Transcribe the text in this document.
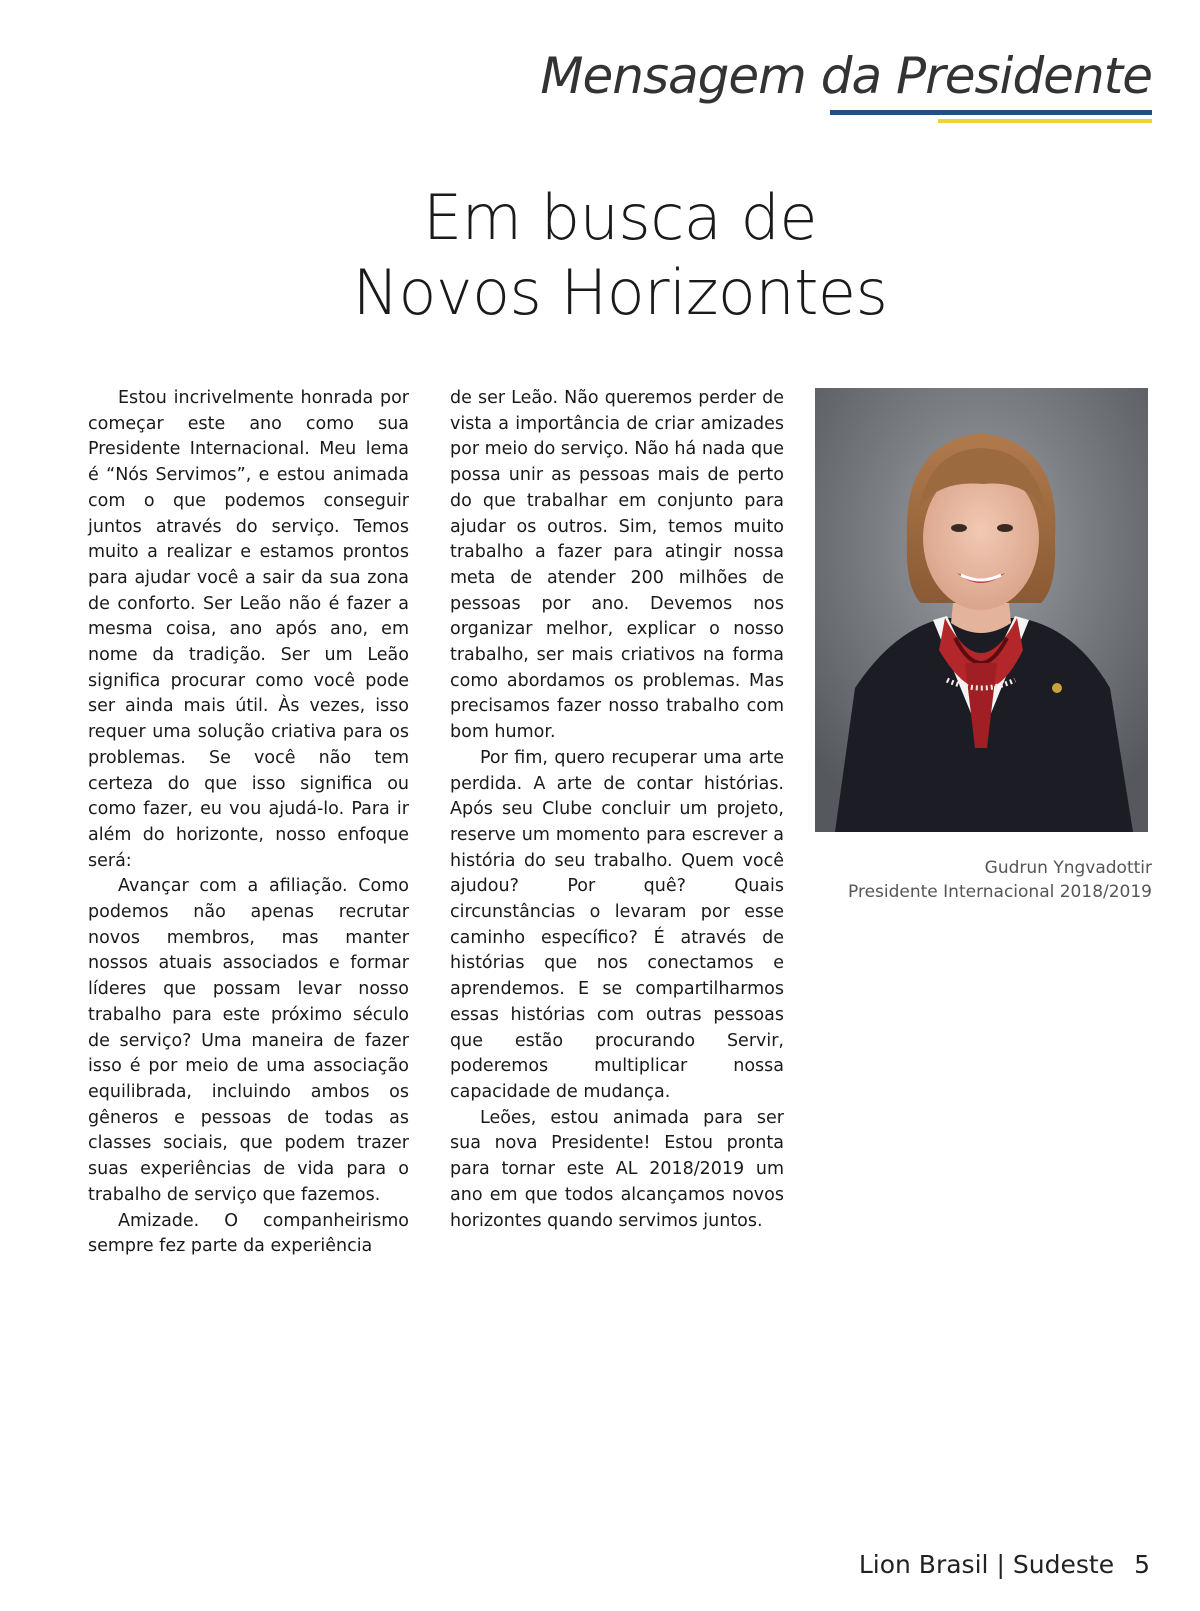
Mensagem da Presidente
Em busca de
Novos Horizontes

Estou incrivelmente honrada por começar este ano como sua Presidente Internacional. Meu lema é “Nós Servimos”, e estou animada com o que podemos conseguir juntos através do serviço. Temos muito a realizar e estamos prontos para ajudar você a sair da sua zona de conforto. Ser Leão não é fazer a mesma coisa, ano após ano, em nome da tradição. Ser um Leão significa procurar como você pode ser ainda mais útil. Às vezes, isso requer uma solução criativa para os problemas. Se você não tem certeza do que isso significa ou como fazer, eu vou ajudá-lo. Para ir além do horizonte, nosso enfoque será:

Avançar com a afiliação. Como podemos não apenas recrutar novos membros, mas manter nossos atuais associados e formar líderes que possam levar nosso trabalho para este próximo século de serviço? Uma maneira de fazer isso é por meio de uma associação equilibrada, incluindo ambos os gêneros e pessoas de todas as classes sociais, que podem trazer suas experiências de vida para o trabalho de serviço que fazemos.

Amizade. O companheirismo sempre fez parte da experiência

de ser Leão. Não queremos perder de vista a importância de criar amizades por meio do serviço. Não há nada que possa unir as pessoas mais de perto do que trabalhar em conjunto para ajudar os outros. Sim, temos muito trabalho a fazer para atingir nossa meta de atender 200 milhões de pessoas por ano. Devemos nos organizar melhor, explicar o nosso trabalho, ser mais criativos na forma como abordamos os problemas. Mas precisamos fazer nosso trabalho com bom humor.

Por fim, quero recuperar uma arte perdida. A arte de contar histórias. Após seu Clube concluir um projeto, reserve um momento para escrever a história do seu trabalho. Quem você ajudou? Por quê? Quais circunstâncias o levaram por esse caminho específico? É através de histórias que nos conectamos e aprendemos. E se compartilharmos essas histórias com outras pessoas que estão procurando Servir, poderemos multiplicar nossa capacidade de mudança.

Leões, estou animada para ser sua nova Presidente! Estou pronta para tornar este AL 2018/2019 um ano em que todos alcançamos novos horizontes quando servimos juntos.

Gudrun Yngvadottir
Presidente Internacional 2018/2019
Lion Brasil | Sudeste 5
